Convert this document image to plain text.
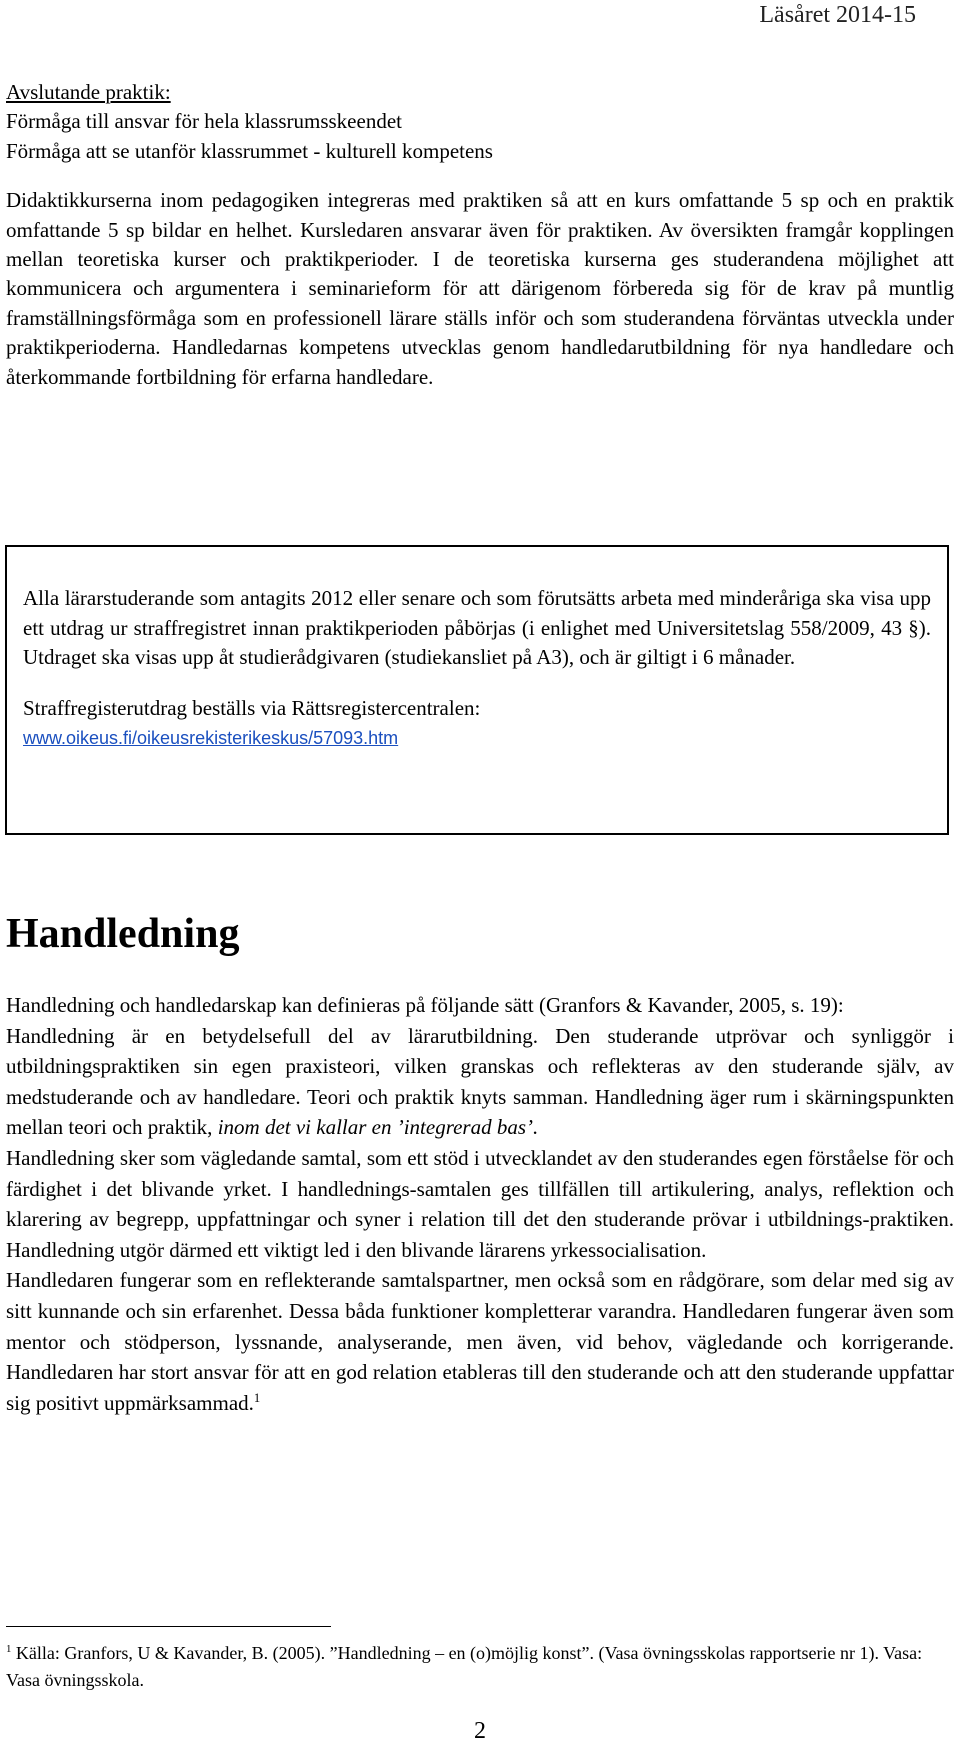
Läsåret 2014-15

Avslutande praktik:

Förmåga till ansvar för hela klassrumsskeendet

Förmåga att se utanför klassrummet - kulturell kompetens

Didaktikkurserna inom pedagogiken integreras med praktiken så att en kurs omfattande 5 sp och en praktik omfattande 5 sp bildar en helhet. Kursledaren ansvarar även för praktiken. Av översikten framgår kopplingen mellan teoretiska kurser och praktikperioder. I de teoretiska kurserna ges studerandena möjlighet att kommunicera och argumentera i seminarieform för att därigenom förbereda sig för de krav på muntlig framställningsförmåga som en professionell lärare ställs inför och som studerandena förväntas utveckla under praktikperioderna. Handledarnas kompetens utvecklas genom handledarutbildning för nya handledare och återkommande fortbildning för erfarna handledare.

Alla lärarstuderande som antagits 2012 eller senare och som förutsätts arbeta med minderåriga ska visa upp ett utdrag ur straffregistret innan praktikperioden påbörjas (i enlighet med Universitetslag 558/2009, 43 §). Utdraget ska visas upp åt studierådgivaren (studiekansliet på A3), och är giltigt i 6 månader.

Straffregisterutdrag beställs via Rättsregistercentralen:

www.oikeus.fi/oikeusrekisterikeskus/57093.htm
Handledning

Handledning och handledarskap kan definieras på följande sätt (Granfors & Kavander, 2005, s. 19):

Handledning är en betydelsefull del av lärarutbildning. Den studerande utprövar och synliggör i utbildningspraktiken sin egen praxisteori, vilken granskas och reflekteras av den studerande själv, av medstuderande och av handledare. Teori och praktik knyts samman. Handledning äger rum i skärningspunkten mellan teori och praktik, inom det vi kallar en ’integrerad bas’.

Handledning sker som vägledande samtal, som ett stöd i utvecklandet av den studerandes egen förståelse för och färdighet i det blivande yrket. I handlednings-samtalen ges tillfällen till artikulering, analys, reflektion och klarering av begrepp, uppfattningar och syner i relation till det den studerande prövar i utbildnings-praktiken. Handledning utgör därmed ett viktigt led i den blivande lärarens yrkessocialisation.

Handledaren fungerar som en reflekterande samtalspartner, men också som en rådgörare, som delar med sig av sitt kunnande och sin erfarenhet. Dessa båda funktioner kompletterar varandra. Handledaren fungerar även som mentor och stödperson, lyssnande, analyserande, men även, vid behov, vägledande och korrigerande. Handledaren har stort ansvar för att en god relation etableras till den studerande och att den studerande uppfattar sig positivt uppmärksammad.$^1$

$^1$ Källa: Granfors, U & Kavander, B. (2005). ”Handledning – en (o)möjlig konst”. (Vasa övningsskolas rapportserie nr 1). Vasa: Vasa övningsskola.
2
